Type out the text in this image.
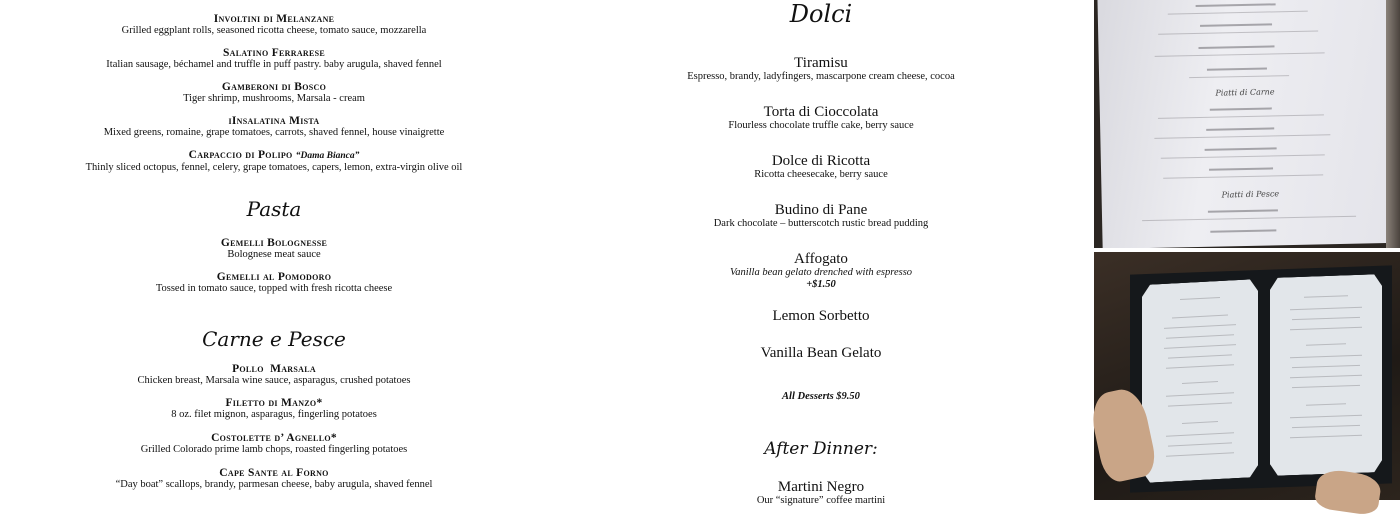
Involtini di Melanzane
Grilled eggplant rolls, seasoned ricotta cheese, tomato sauce, mozzarella
Salatino Ferrarese
Italian sausage, béchamel and truffle in puff pastry. baby arugula, shaved fennel
Gamberoni di Bosco
Tiger shrimp, mushrooms, Marsala - cream
iInsalatina Mista
Mixed greens, romaine, grape tomatoes, carrots, shaved fennel, house vinaigrette
Carpaccio di Polipo “Dama Bianca”
Thinly sliced octopus, fennel, celery, grape tomatoes, capers, lemon, extra-virgin olive oil
Pasta
Gemelli Bolognesse
Bolognese meat sauce
Gemelli al Pomodoro
Tossed in tomato sauce, topped with fresh ricotta cheese
Carne e Pesce
Pollo  Marsala
Chicken breast, Marsala wine sauce, asparagus, crushed potatoes
Filetto di Manzo*
8 oz. filet mignon, asparagus, fingerling potatoes
Costolette d’ Agnello*
Grilled Colorado prime lamb chops, roasted fingerling potatoes
Cape Sante al Forno
“Day boat” scallops, brandy, parmesan cheese, baby arugula, shaved fennel
Dolci
Tiramisu
Espresso, brandy, ladyfingers, mascarpone cream cheese, cocoa
Torta di Cioccolata
Flourless chocolate truffle cake, berry sauce
Dolce di Ricotta
Ricotta cheesecake, berry sauce
Budino di Pane
Dark chocolate – butterscotch rustic bread pudding
Affogato
Vanilla bean gelato drenched with espresso
+$1.50
Lemon Sorbetto
Vanilla Bean Gelato
All Desserts $9.50
After Dinner:
Martini Negro
Our “signature” coffee martini
Piatti di Carne
Piatti di Pesce
